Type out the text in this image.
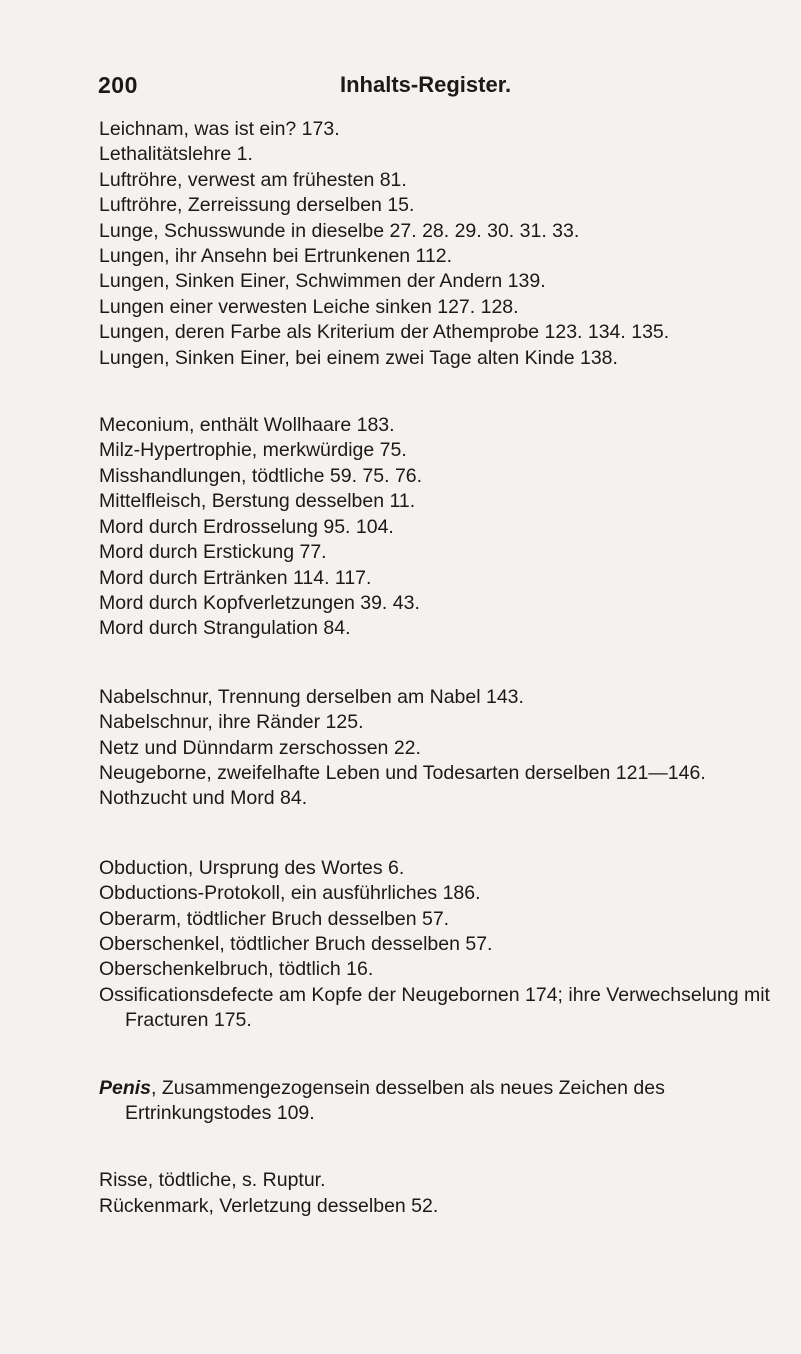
200	Inhalts-Register.
Leichnam, was ist ein? 173.
Lethalitätslehre 1.
Luftröhre, verwest am frühesten 81.
Luftröhre, Zerreissung derselben 15.
Lunge, Schusswunde in dieselbe 27. 28. 29. 30. 31. 33.
Lungen, ihr Ansehn bei Ertrunkenen 112.
Lungen, Sinken Einer, Schwimmen der Andern 139.
Lungen einer verwesten Leiche sinken 127. 128.
Lungen, deren Farbe als Kriterium der Athemprobe 123. 134. 135.
Lungen, Sinken Einer, bei einem zwei Tage alten Kinde 138.
Meconium, enthält Wollhaare 183.
Milz-Hypertrophie, merkwürdige 75.
Misshandlungen, tödtliche 59. 75. 76.
Mittelfleisch, Berstung desselben 11.
Mord durch Erdrosselung 95. 104.
Mord durch Erstickung 77.
Mord durch Ertränken 114. 117.
Mord durch Kopfverletzungen 39. 43.
Mord durch Strangulation 84.
Nabelschnur, Trennung derselben am Nabel 143.
Nabelschnur, ihre Ränder 125.
Netz und Dünndarm zerschossen 22.
Neugeborne, zweifelhafte Leben und Todesarten derselben 121—146.
Nothzucht und Mord 84.
Obduction, Ursprung des Wortes 6.
Obductions-Protokoll, ein ausführliches 186.
Oberarm, tödtlicher Bruch desselben 57.
Oberschenkel, tödtlicher Bruch desselben 57.
Oberschenkelbruch, tödtlich 16.
Ossificationsdefecte am Kopfe der Neugebornen 174; ihre Verwechselung mit Fracturen 175.
Penis, Zusammengezogensein desselben als neues Zeichen des Ertrinkungstodes 109.
Risse, tödtliche, s. Ruptur.
Rückenmark, Verletzung desselben 52.
